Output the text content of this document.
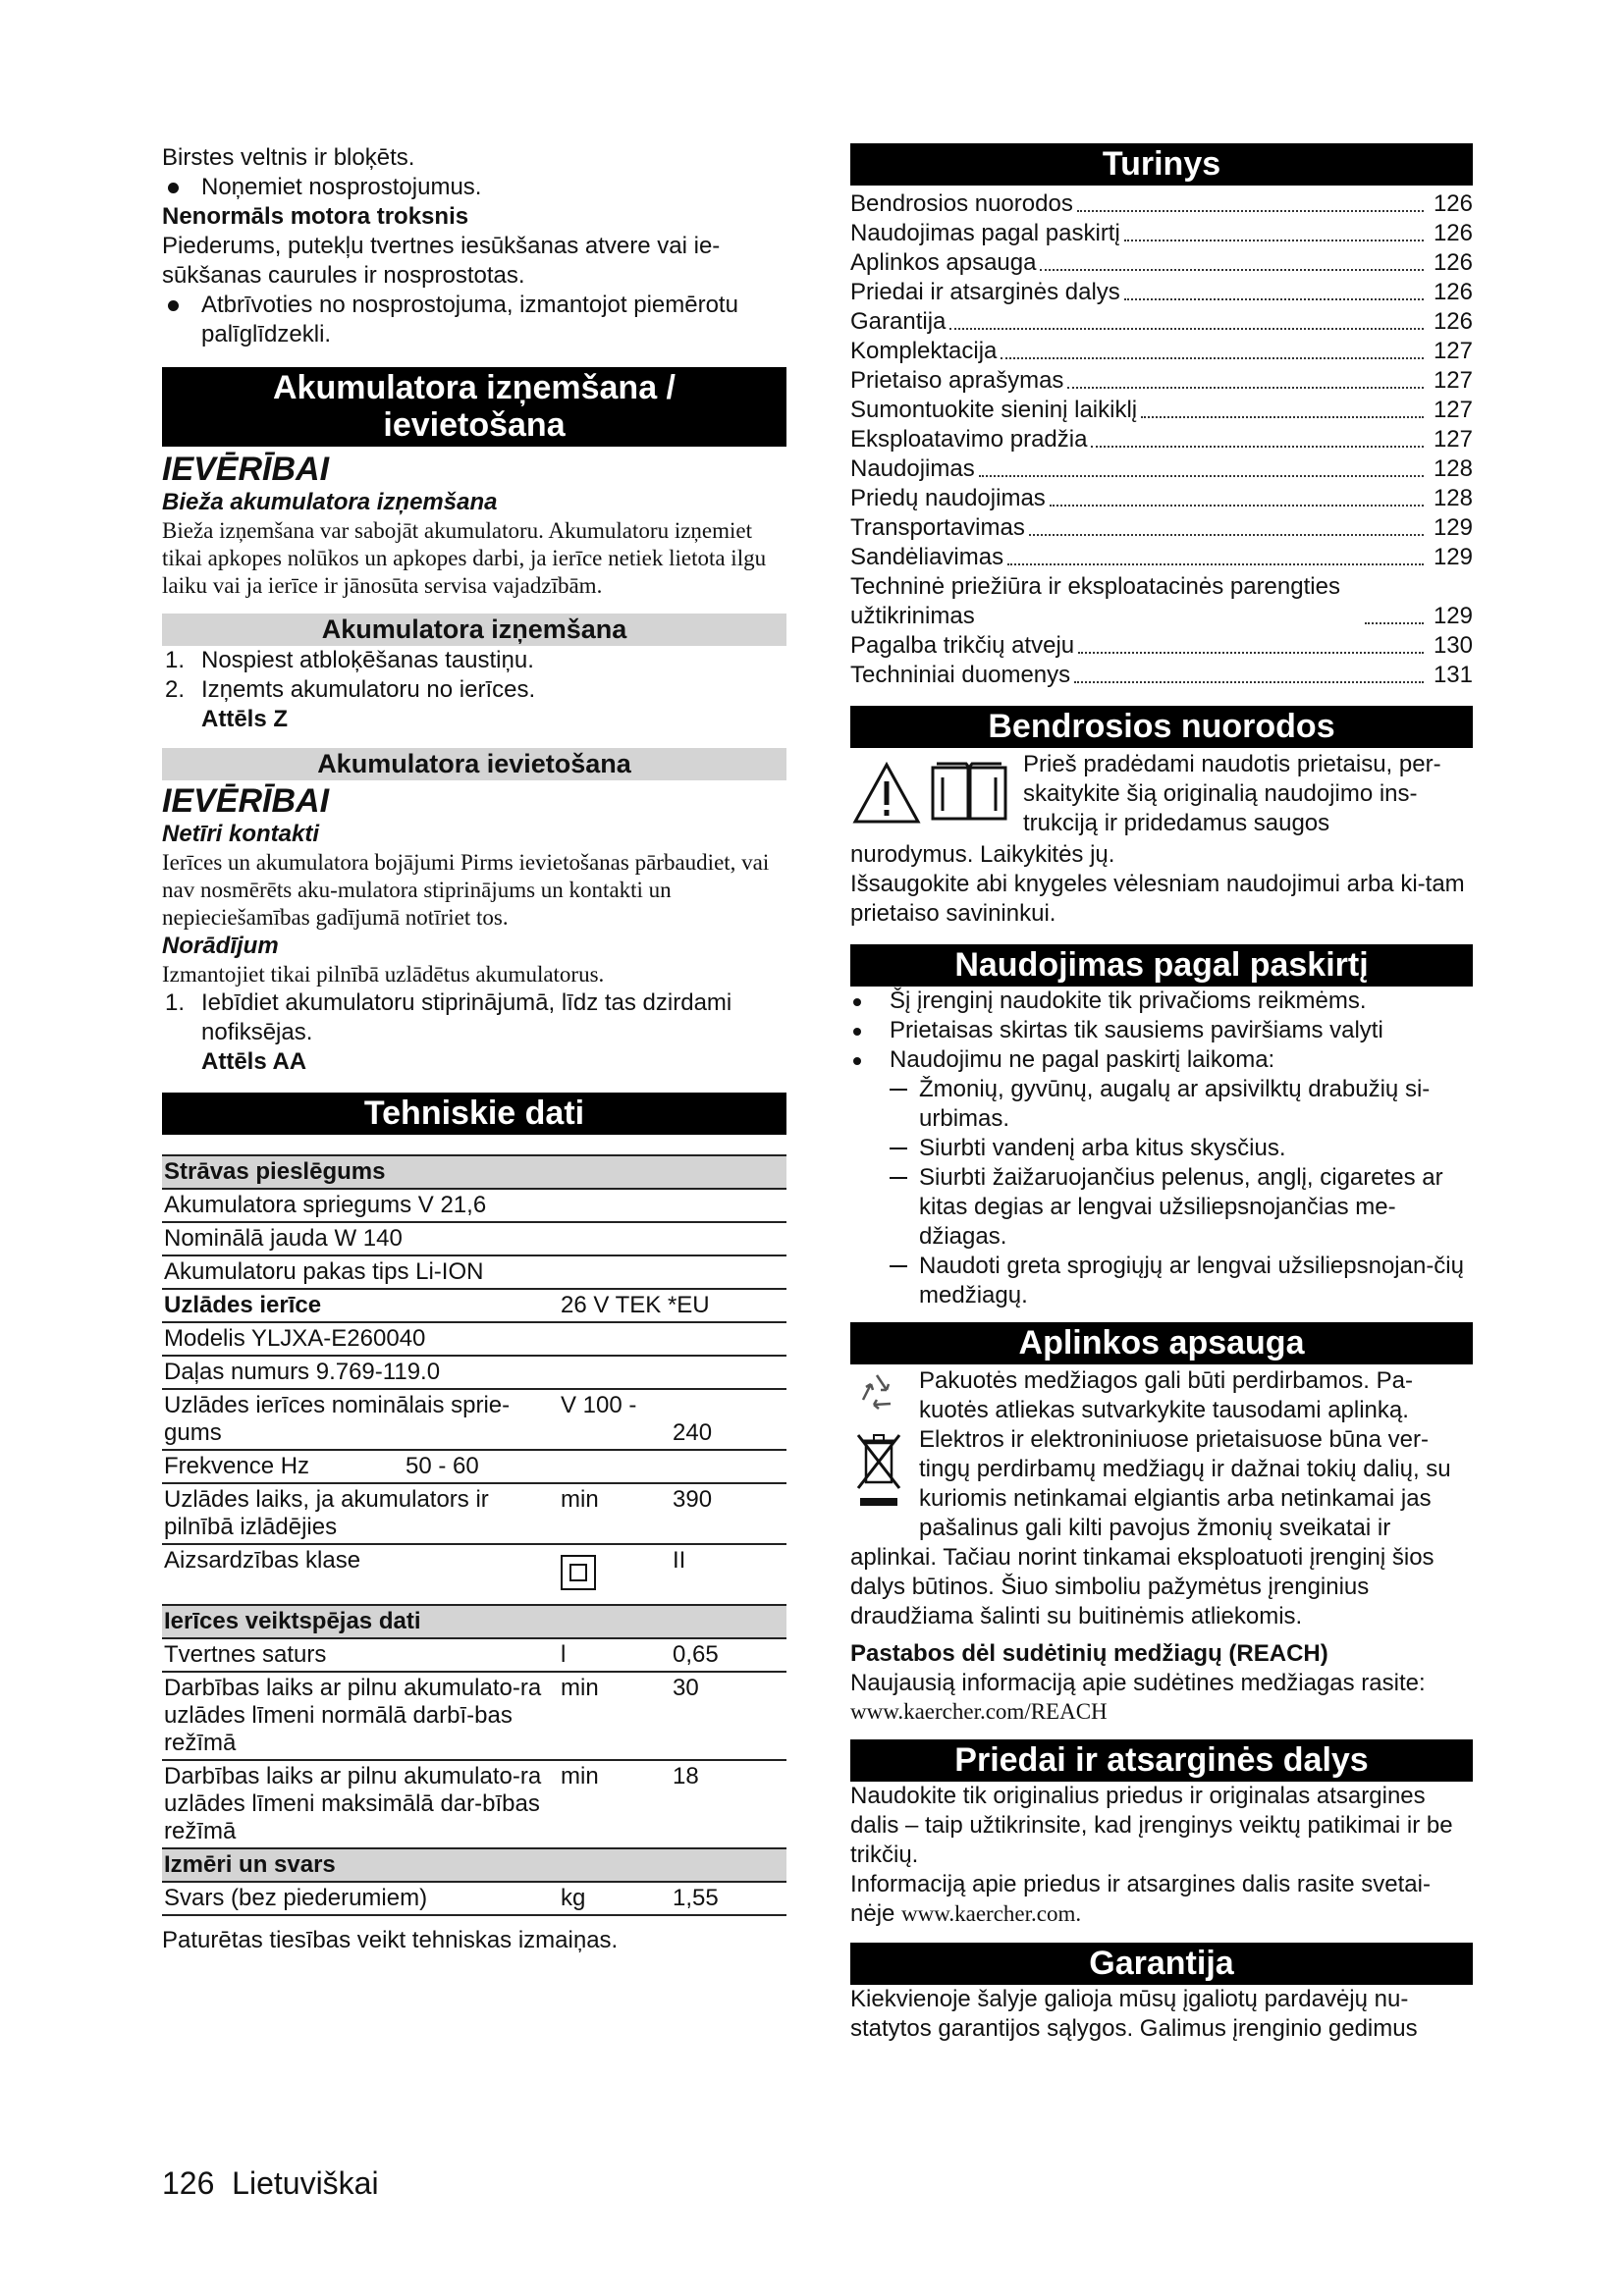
Birstes veltnis ir bloķēts.

Noņemiet nosprostojumus.

Nenormāls motora troksnis

Piederums, putekļu tvertnes iesūkšanas atvere vai ie-sūkšanas caurules ir nosprostotas.

Atbrīvoties no nosprostojuma, izmantojot piemērotu palīglīdzekli.

Akumulatora izņemšana /
ievietošana

IEVĒRĪBAI

Bieža akumulatora izņemšana

Bieža izņemšana var sabojāt akumulatoru. Akumulatoru izņemiet tikai apkopes nolūkos un apkopes darbi, ja ierīce netiek lietota ilgu laiku vai ja ierīce ir jānosūta servisa vajadzībām.

Akumulatora izņemšana

1. Nospiest atbloķēšanas taustiņu.

2. Izņemts akumulatoru no ierīces.

Attēls Z

Akumulatora ievietošana

IEVĒRĪBAI

Netīri kontakti

Ierīces un akumulatora bojājumi Pirms ievietošanas pārbaudiet, vai nav nosmērēts aku-mulatora stiprinājums un kontakti un nepieciešamības gadījumā notīriet tos.

Norādījum

Izmantojiet tikai pilnībā uzlādētus akumulatorus.

1. Iebīdiet akumulatoru stiprinājumā, līdz tas dzirdami nofiksējas.

Attēls AA

Tehniskie dati
Strāvas pieslēgums		
Akumulatora spriegums V 21,6		
Nominālā jauda W 140		
Akumulatoru pakas tips Li-ION		
Uzlādes ierīce	26 V TEK *EU	
Modelis YLJXA-E260040		
Daļas numurs 9.769-119.0		
Uzlādes ierīces nominālais sprie-gums	V 100 -	240
Frekvence Hz 50 - 60		
Uzlādes laiks, ja akumulators ir pilnībā izlādējies	min	390
Aizsardzības klase		II
Ierīces veiktspējas dati		
Tvertnes saturs	l	0,65
Darbības laiks ar pilnu akumulato-ra uzlādes līmeni normālā darbī-bas režīmā	min	30
Darbības laiks ar pilnu akumulato-ra uzlādes līmeni maksimālā dar-bības režīmā	min	18
Izmēri un svars		
Svars (bez piederumiem)	kg	1,55

Paturētas tiesības veikt tehniskas izmaiņas.

Turinys
Bendrosios nuorodos	126
Naudojimas pagal paskirtį	126
Aplinkos apsauga	126
Priedai ir atsarginės dalys	126
Garantija	126
Komplektacija	127
Prietaiso aprašymas	127
Sumontuokite sieninį laikiklį	127
Eksploatavimo pradžia	127
Naudojimas	128
Priedų naudojimas	128
Transportavimas	129
Sandėliavimas	129
Techninė priežiūra ir eksploatacinės parengties užtikrinimas	129
Pagalba trikčių atveju	130
Techniniai duomenys	131
Bendrosios nuorodos

Prieš pradėdami naudotis prietaisu, per-skaitykite šią originalią naudojimo ins-trukciją ir pridedamus saugos

nurodymus. Laikykitės jų.

Išsaugokite abi knygeles vėlesniam naudojimui arba ki-tam prietaiso savininkui.

Naudojimas pagal paskirtį

Šį įrenginį naudokite tik privačioms reikmėms.

Prietaisas skirtas tik sausiems paviršiams valyti

Naudojimu ne pagal paskirtį laikoma:

Žmonių, gyvūnų, augalų ar apsivilktų drabužių si-urbimas.

Siurbti vandenį arba kitus skysčius.

Siurbti žaižaruojančius pelenus, anglį, cigaretes ar kitas degias ar lengvai užsiliepsnojančias me-džiagas.

Naudoti greta sprogiųjų ar lengvai užsiliepsnojan-čių medžiagų.

Aplinkos apsauga

Pakuotės medžiagos gali būti perdirbamos. Pa-kuotės atliekas sutvarkykite tausodami aplinką.

Elektros ir elektroniniuose prietaisuose būna ver-tingų perdirbamų medžiagų ir dažnai tokių dalių, su kuriomis netinkamai elgiantis arba netinkamai jas pašalinus gali kilti pavojus žmonių sveikatai ir

aplinkai. Tačiau norint tinkamai eksploatuoti įrenginį šios dalys būtinos. Šiuo simboliu pažymėtus įrenginius draudžiama šalinti su buitinėmis atliekomis.

Pastabos dėl sudėtinių medžiagų (REACH)

Naujausią informaciją apie sudėtines medžiagas rasite:

www.kaercher.com/REACH

Priedai ir atsarginės dalys

Naudokite tik originalius priedus ir originalas atsargines dalis – taip užtikrinsite, kad įrenginys veiktų patikimai ir be trikčių.

Informaciją apie priedus ir atsargines dalis rasite svetai-nėje www.kaercher.com.

Garantija

Kiekvienoje šalyje galioja mūsų įgaliotų pardavėjų nu-statytos garantijos sąlygos. Galimus įrenginio gedimus

126 Lietuviškai
